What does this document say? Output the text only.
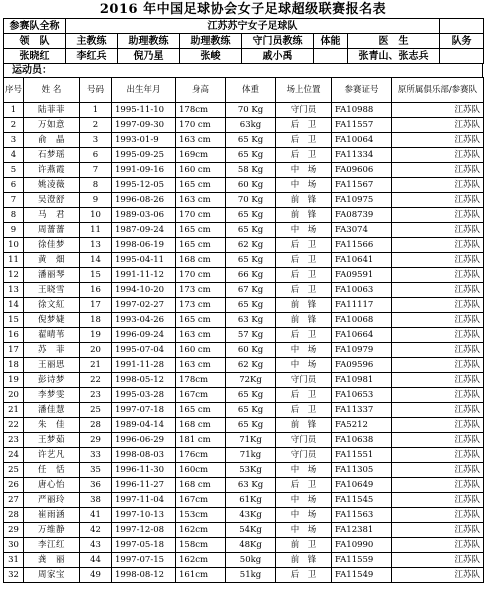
2016 年中国足球协会女子足球超级联赛报名表
参赛队全称	江苏苏宁女子足球队						
领　队	主教练	助理教练	助理教练	守门员教练	体能	医　生	队务
张晓红	李红兵	倪乃星	张峻	戚小禹		张青山、张志兵	
运动员：
序号	姓 名	号码	出生年月	身高	体重	场上位置	参赛证号	原所属俱乐部/参赛队
1	陆菲菲	1	1995-11-10	178cm	70 Kg	守门员	FA10988	江苏队
2	万如意	2	1997-09-30	170 cm	63kg	后　卫	FA11557	江苏队
3	俞　晶	3	1993-01-9	163 cm	65 Kg	后　卫	FA10064	江苏队
4	石梦瑶	6	1995-09-25	169cm	65 Kg	后　卫	FA11334	江苏队
5	许燕霞	7	1991-09-16	160 cm	58 Kg	中　场	FA09606	江苏队
6	姚凌薇	8	1995-12-05	165 cm	60 Kg	中　场	FA11567	江苏队
7	吴澄舒	9	1996-08-26	163 cm	70 Kg	前　锋	FA10975	江苏队
8	马　君	10	1989-03-06	170 cm	65 Kg	前　锋	FA08739	江苏队
9	周薔薔	11	1987-09-24	165 cm	65 Kg	中　场	FA3074	江苏队
10	徐佳梦	13	1998-06-19	165 cm	62 Kg	后　卫	FA11566	江苏队
11	黄　畑	14	1995-04-11	168 cm	65 Kg	后　卫	FA10641	江苏队
12	潘丽琴	15	1991-11-12	170 cm	66 Kg	后　卫	FA09591	江苏队
13	王晓雪	16	1994-10-20	173 cm	67 Kg	后　卫	FA10063	江苏队
14	徐文紅	17	1997-02-27	173 cm	65 Kg	前　锋	FA11117	江苏队
15	倪梦婕	18	1993-04-26	165 cm	63 Kg	前　锋	FA10068	江苏队
16	翟晴苇	19	1996-09-24	163 cm	57 Kg	后　卫	FA10664	江苏队
17	苏　菲	20	1995-07-04	160 cm	60 Kg	中　场	FA10979	江苏队
18	王丽思	21	1991-11-28	163 cm	62 Kg	中　场	FA09596	江苏队
19	彭诗梦	22	1998-05-12	178cm	72Kg	守门员	FA10981	江苏队
20	李梦雯	23	1995-03-28	167cm	65 Kg	后　卫	FA10653	江苏队
21	潘佳慧	25	1997-07-18	165 cm	65 Kg	后　卫	FA11337	江苏队
22	朱　佳	28	1989-04-14	168 cm	65 Kg	前　锋	FA5212	江苏队
23	王梦茹	29	1996-06-29	181 cm	71Kg	守门员	FA10638	江苏队
24	许艺凡	33	1998-08-03	176cm	71kg	守门员	FA11551	江苏队
25	任　恬	35	1996-11-30	160cm	53Kg	中　场	FA11305	江苏队
26	唐心怡	36	1996-11-27	168 cm	63 Kg	后　卫	FA10649	江苏队
27	严丽玲	38	1997-11-04	167cm	61Kg	中　场	FA11545	江苏队
28	崔雨涵	41	1997-10-13	153cm	43Kg	中　场	FA11563	江苏队
29	万维静	42	1997-12-08	162cm	54Kg	中　场	FA12381	江苏队
30	李江红	43	1997-05-18	158cm	48Kg	前　卫	FA10990	江苏队
31	龚　丽	44	1997-07-15	162cm	50kg	前　锋	FA11559	江苏队
32	周家宝	49	1998-08-12	161cm	51kg	后　卫	FA11549	江苏队
